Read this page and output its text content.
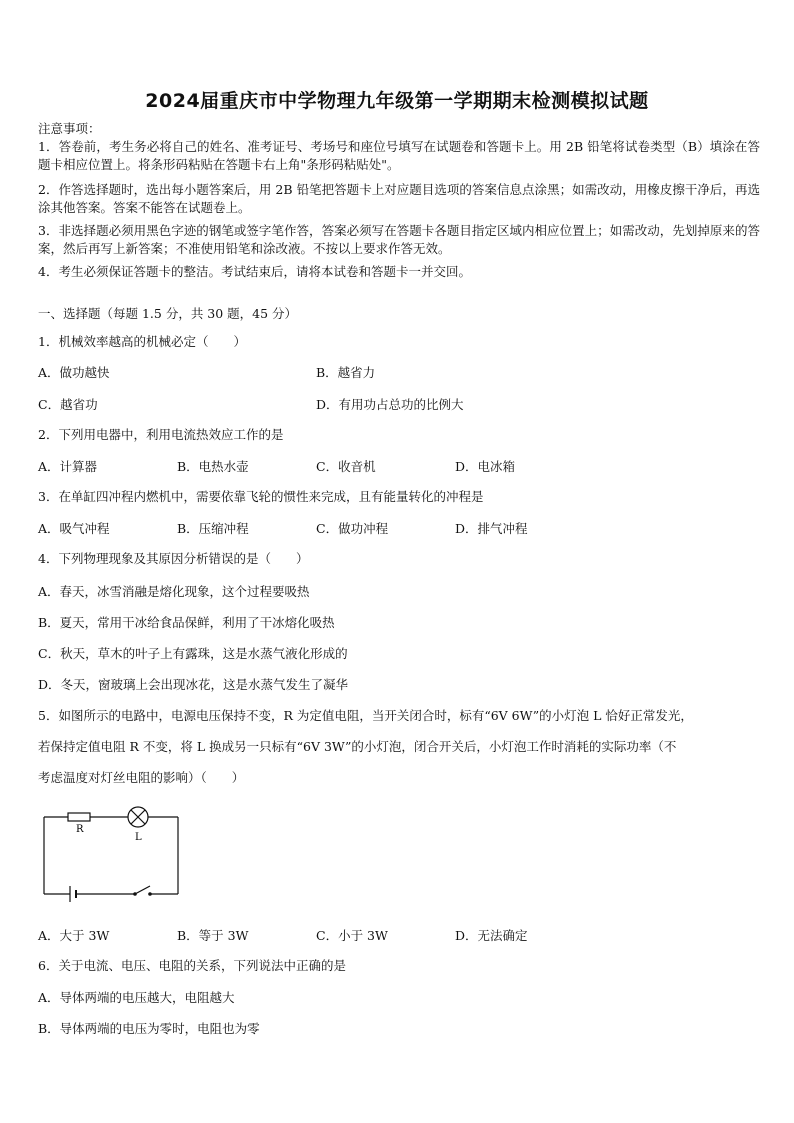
2024届重庆市中学物理九年级第一学期期末检测模拟试题
注意事项：
1．答卷前，考生务必将自己的姓名、准考证号、考场号和座位号填写在试题卷和答题卡上。用 2B 铅笔将试卷类型（B）填涂在答题卡相应位置上。将条形码粘贴在答题卡右上角"条形码粘贴处"。
2．作答选择题时，选出每小题答案后，用 2B 铅笔把答题卡上对应题目选项的答案信息点涂黑；如需改动，用橡皮擦干净后，再选涂其他答案。答案不能答在试题卷上。
3．非选择题必须用黑色字迹的钢笔或签字笔作答，答案必须写在答题卡各题目指定区域内相应位置上；如需改动，先划掉原来的答案，然后再写上新答案；不准使用铅笔和涂改液。不按以上要求作答无效。
4．考生必须保证答题卡的整洁。考试结束后，请将本试卷和答题卡一并交回。
一、选择题（每题 1.5 分，共 30 题，45 分）
1．机械效率越高的机械必定（　　）
A．做功越快	B．越省力
C．越省功	D．有用功占总功的比例大
2．下列用电器中，利用电流热效应工作的是
A．计算器	B．电热水壶	C．收音机	D．电冰箱
3．在单缸四冲程内燃机中，需要依靠飞轮的惯性来完成，且有能量转化的冲程是
A．吸气冲程	B．压缩冲程	C．做功冲程	D．排气冲程
4．下列物理现象及其原因分析错误的是（　　）
A．春天，冰雪消融是熔化现象，这个过程要吸热
B．夏天，常用干冰给食品保鲜，利用了干冰熔化吸热
C．秋天，草木的叶子上有露珠，这是水蒸气液化形成的
D．冬天，窗玻璃上会出现冰花，这是水蒸气发生了凝华
5．如图所示的电路中，电源电压保持不变，R 为定值电阻，当开关闭合时，标有“6V 6W”的小灯泡 L 恰好正常发光，
若保持定值电阻 R 不变，将 L 换成另一只标有“6V 3W”的小灯泡，闭合开关后，小灯泡工作时消耗的实际功率（不
考虑温度对灯丝电阻的影响）（　　）
R
L
A．大于 3W	B．等于 3W	C．小于 3W	D．无法确定
6．关于电流、电压、电阻的关系，下列说法中正确的是
A．导体两端的电压越大，电阻越大
B．导体两端的电压为零时，电阻也为零
